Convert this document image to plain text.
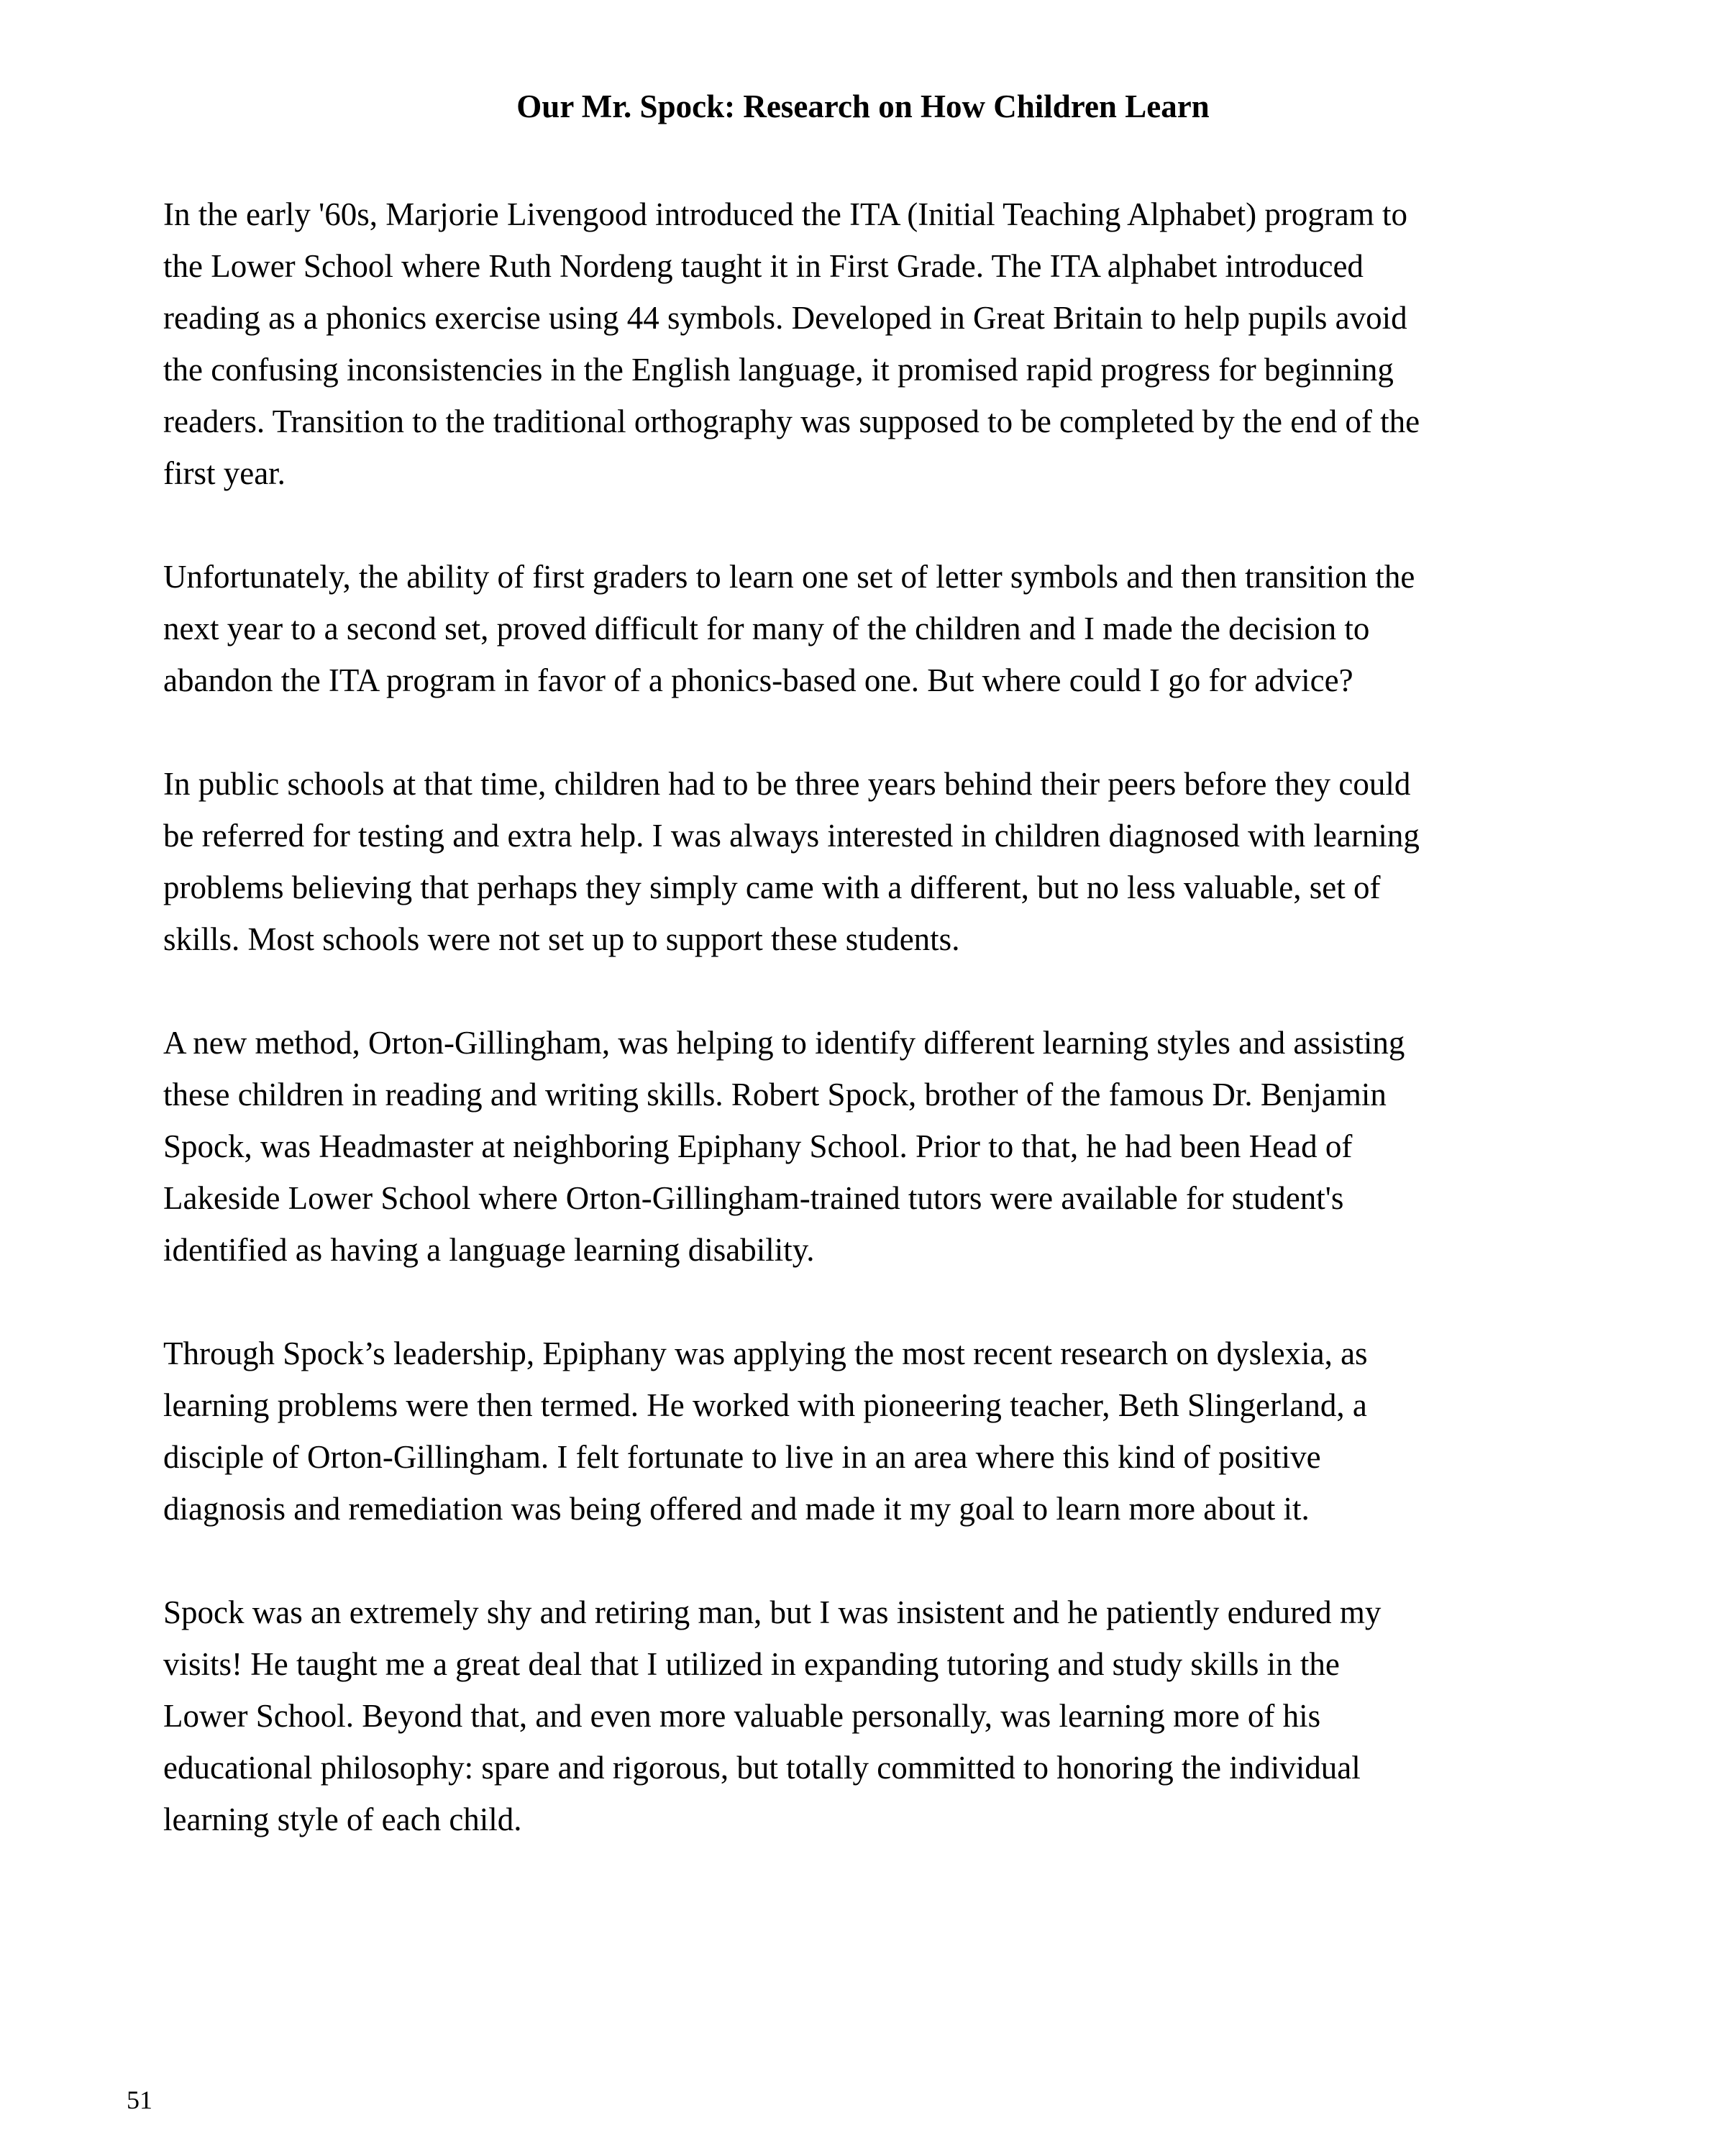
Our Mr. Spock: Research on How Children Learn

In the early '60s, Marjorie Livengood introduced the ITA (Initial Teaching Alphabet) program to
the Lower School where Ruth Nordeng taught it in First Grade. The ITA alphabet introduced
reading as a phonics exercise using 44 symbols. Developed in Great Britain to help pupils avoid
the confusing inconsistencies in the English language, it promised rapid progress for beginning
readers. Transition to the traditional orthography was supposed to be completed by the end of the
first year.

Unfortunately, the ability of first graders to learn one set of letter symbols and then transition the
next year to a second set, proved difficult for many of the children and I made the decision to
abandon the ITA program in favor of a phonics-based one. But where could I go for advice?

In public schools at that time, children had to be three years behind their peers before they could
be referred for testing and extra help. I was always interested in children diagnosed with learning
problems believing that perhaps they simply came with a different, but no less valuable, set of
skills. Most schools were not set up to support these students.

A new method, Orton-Gillingham, was helping to identify different learning styles and assisting
these children in reading and writing skills. Robert Spock, brother of the famous Dr. Benjamin
Spock, was Headmaster at neighboring Epiphany School. Prior to that, he had been Head of
Lakeside Lower School where Orton-Gillingham-trained tutors were available for student's
identified as having a language learning disability.

Through Spock’s leadership, Epiphany was applying the most recent research on dyslexia, as
learning problems were then termed. He worked with pioneering teacher, Beth Slingerland, a
disciple of Orton-Gillingham. I felt fortunate to live in an area where this kind of positive
diagnosis and remediation was being offered and made it my goal to learn more about it.

Spock was an extremely shy and retiring man, but I was insistent and he patiently endured my
visits! He taught me a great deal that I utilized in expanding tutoring and study skills in the
Lower School. Beyond that, and even more valuable personally, was learning more of his
educational philosophy: spare and rigorous, but totally committed to honoring the individual
learning style of each child.

51
